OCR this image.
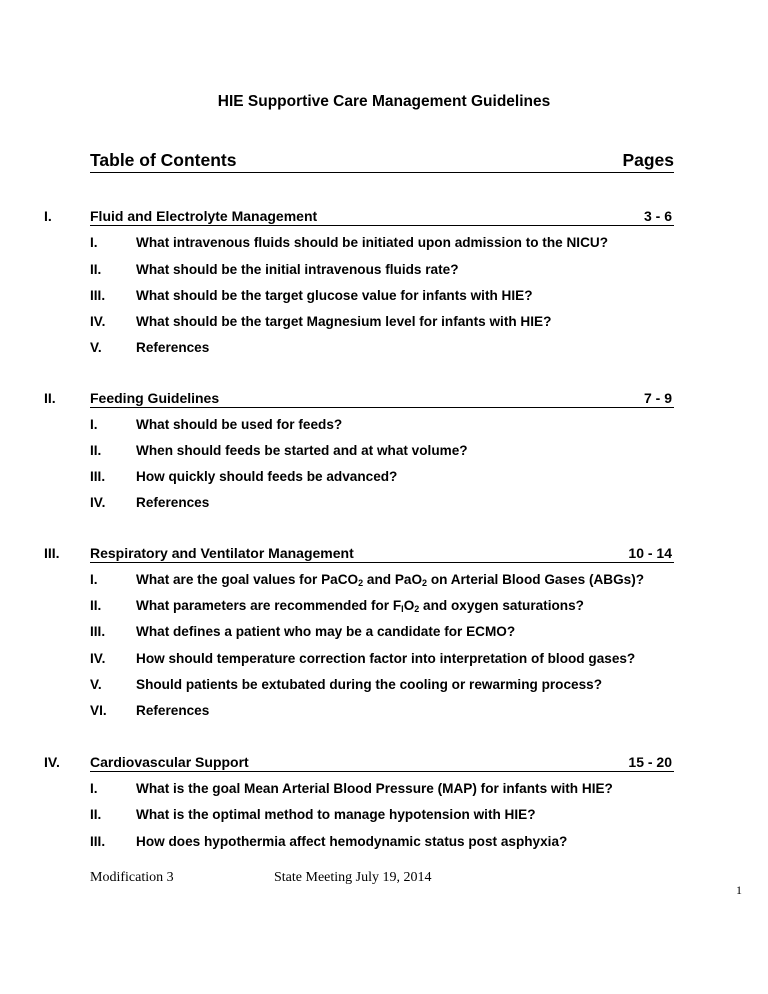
HIE Supportive Care Management Guidelines
Table of Contents	Pages
I.	Fluid and Electrolyte Management	3 - 6
I.	What intravenous fluids should be initiated upon admission to the NICU?
II.	What should be the initial intravenous fluids rate?
III. What should be the target glucose value for infants with HIE?
IV. What should be the target Magnesium level for infants with HIE?
V.	References
II. Feeding Guidelines	7 - 9
I.	What should be used for feeds?
II.	When should feeds be started and at what volume?
III. How quickly should feeds be advanced?
IV. References
III. Respiratory and Ventilator Management	10 - 14
I.	What are the goal values for PaCO$_2$ and PaO$_2$ on Arterial Blood Gases (ABGs)?
II.	What parameters are recommended for $F_IO_2$ and oxygen saturations?
III. What defines a patient who may be a candidate for ECMO?
IV. How should temperature correction factor into interpretation of blood gases?
V.	Should patients be extubated during the cooling or rewarming process?
VI. References
IV. Cardiovascular Support	15 - 20
I.	What is the goal Mean Arterial Blood Pressure (MAP) for infants with HIE?
II.	What is the optimal method to manage hypotension with HIE?
III. How does hypothermia affect hemodynamic status post asphyxia?
Modification 3	State Meeting July 19, 2014
1
